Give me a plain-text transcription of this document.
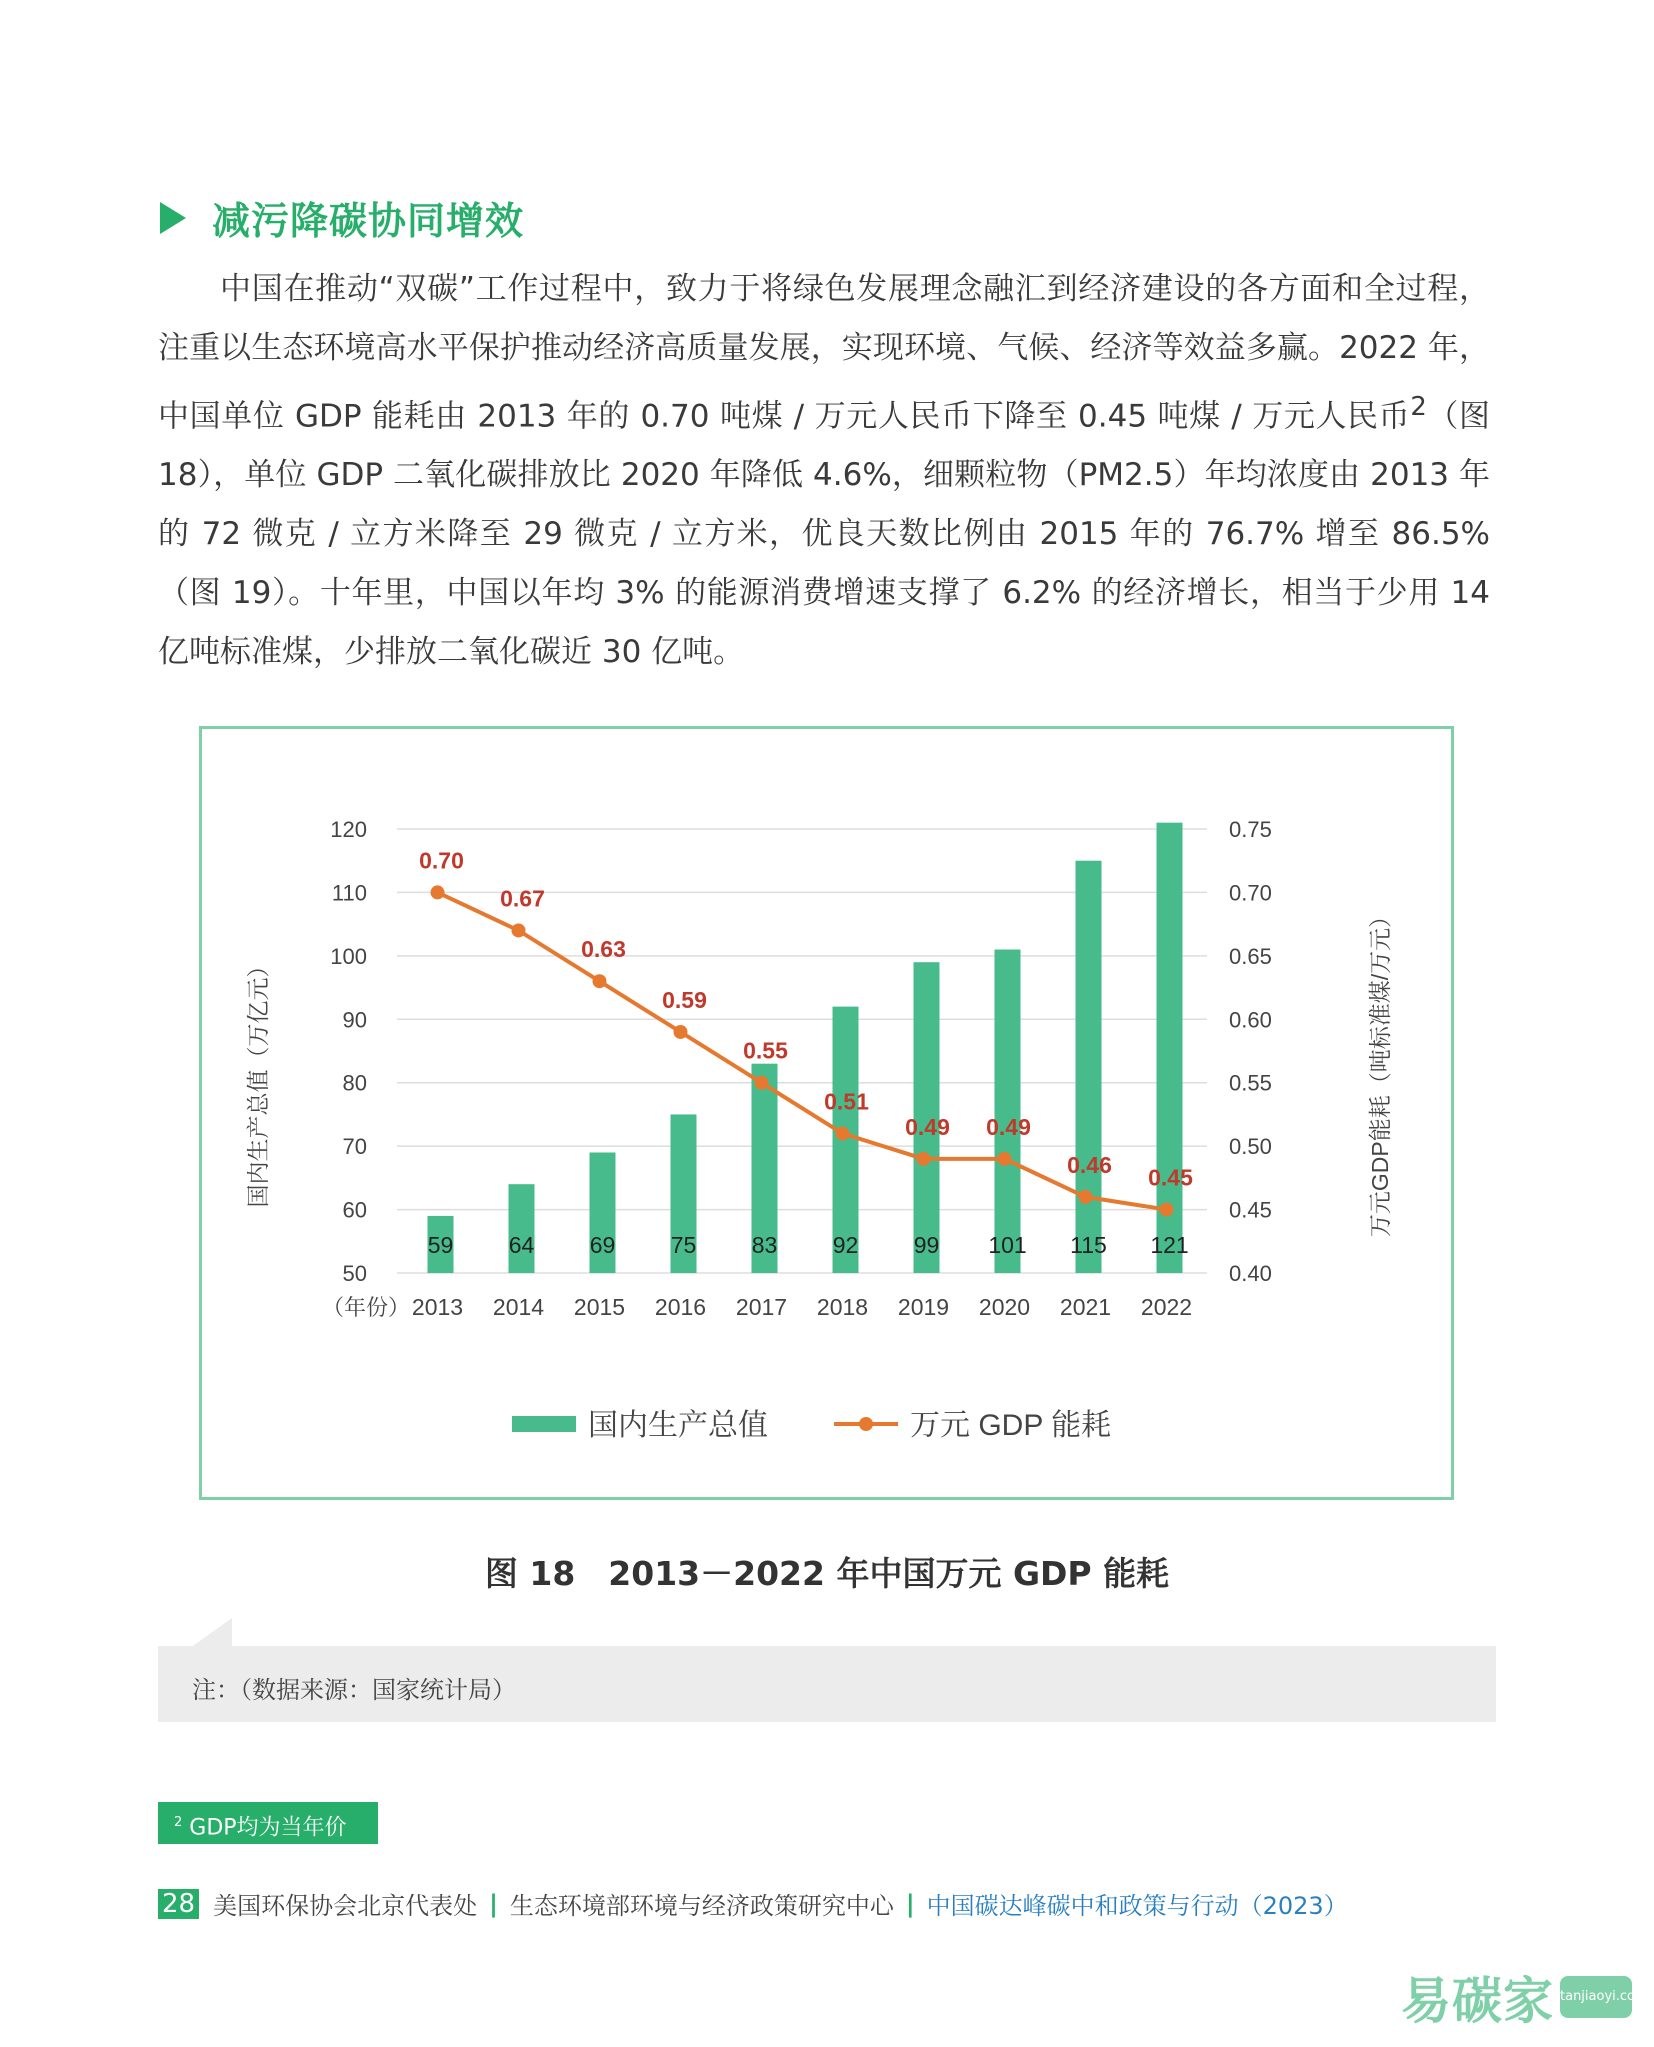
减污降碳协同增效

中国在推动“双碳”工作过程中，致力于将绿色发展理念融汇到经济建设的各方面和全过程，注重以生态环境高水平保护推动经济高质量发展，实现环境、气候、经济等效益多赢。2022 年，中国单位 GDP 能耗由 2013 年的 0.70 吨煤 / 万元人民币下降至 0.45 吨煤 / 万元人民币$^2$（图 18），单位 GDP 二氧化碳排放比 2020 年降低 4.6%，细颗粒物（PM2.5）年均浓度由 2013 年的 72 微克 / 立方米降至 29 微克 / 立方米，优良天数比例由 2015 年的 76.7% 增至 86.5%（图 19）。十年里，中国以年均 3% 的能源消费增速支撑了 6.2% 的经济增长，相当于少用 14 亿吨标准煤，少排放二氧化碳近 30 亿吨。

50
60
70
80
90
100
110
120
0.40
0.45
0.50
0.55
0.60
0.65
0.70
0.75
国内生产总值（万亿元）	万元GDP能耗（吨标准煤/万元）
59 64 69 75 83 92 99 101 115 121
（年份） 2013 2014 2015 2016 2017 2018 2019 2020 2021 2022
0.70
0.67
0.63
0.59
0.55
0.51
0.49 0.49
0.46 0.45
国内生产总值	万元 GDP 能耗
图 18　2013－2022 年中国万元 GDP 能耗
注：（数据来源：国家统计局）
$^2$ GDP均为当年价
28 美国环保协会北京代表处 | 生态环境部环境与经济政策研究中心 | 中国碳达峰碳中和政策与行动（2023）
易碳家 tanjiaoyi.com
